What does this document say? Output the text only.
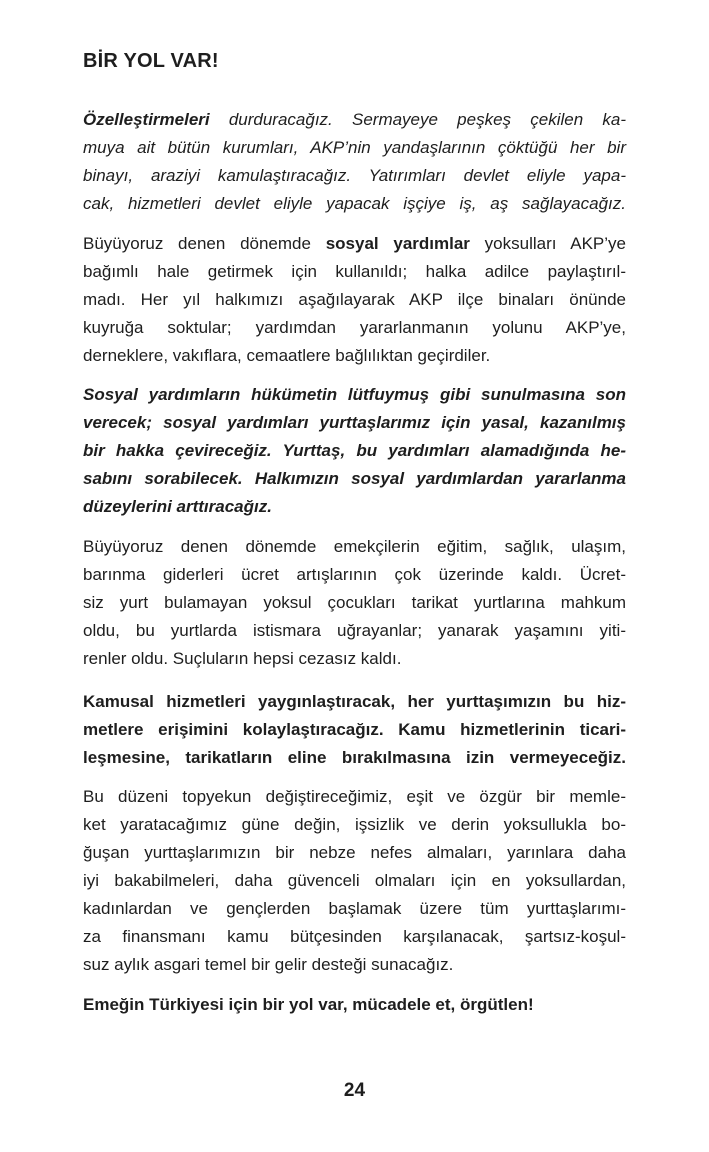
BİR YOL VAR!
Özelleştirmeleri durduracağız. Sermayeye peşkeş çekilen ka-
muya ait bütün kurumları, AKP’nin yandaşlarının çöktüğü her bir
binayı, araziyi kamulaştıracağız. Yatırımları devlet eliyle yapa-
cak, hizmetleri devlet eliyle yapacak işçiye iş, aş sağlayacağız.
Büyüyoruz denen dönemde sosyal yardımlar yoksulları AKP’ye
bağımlı hale getirmek için kullanıldı; halka adilce paylaştırıl-
madı. Her yıl halkımızı aşağılayarak AKP ilçe binaları önünde
kuyruğa soktular; yardımdan yararlanmanın yolunu AKP’ye,
derneklere, vakıflara, cemaatlere bağlılıktan geçirdiler.
Sosyal yardımların hükümetin lütfuymuş gibi sunulmasına son
verecek; sosyal yardımları yurttaşlarımız için yasal, kazanılmış
bir hakka çevireceğiz. Yurttaş, bu yardımları alamadığında he-
sabını sorabilecek. Halkımızın sosyal yardımlardan yararlanma
düzeylerini arttıracağız.
Büyüyoruz denen dönemde emekçilerin eğitim, sağlık, ulaşım,
barınma giderleri ücret artışlarının çok üzerinde kaldı. Ücret-
siz yurt bulamayan yoksul çocukları tarikat yurtlarına mahkum
oldu, bu yurtlarda istismara uğrayanlar; yanarak yaşamını yiti-
renler oldu. Suçluların hepsi cezasız kaldı.
Kamusal hizmetleri yaygınlaştıracak, her yurttaşımızın bu hiz-
metlere erişimini kolaylaştıracağız. Kamu hizmetlerinin ticari-
leşmesine, tarikatların eline bırakılmasına izin vermeyeceğiz.
Bu düzeni topyekun değiştireceğimiz, eşit ve özgür bir memle-
ket yaratacağımız güne değin, işsizlik ve derin yoksullukla bo-
ğuşan yurttaşlarımızın bir nebze nefes almaları, yarınlara daha
iyi bakabilmeleri, daha güvenceli olmaları için en yoksullardan,
kadınlardan ve gençlerden başlamak üzere tüm yurttaşlarımı-
za finansmanı kamu bütçesinden karşılanacak, şartsız-koşul-
suz aylık asgari temel bir gelir desteği sunacağız.
Emeğin Türkiyesi için bir yol var, mücadele et, örgütlen!
24
